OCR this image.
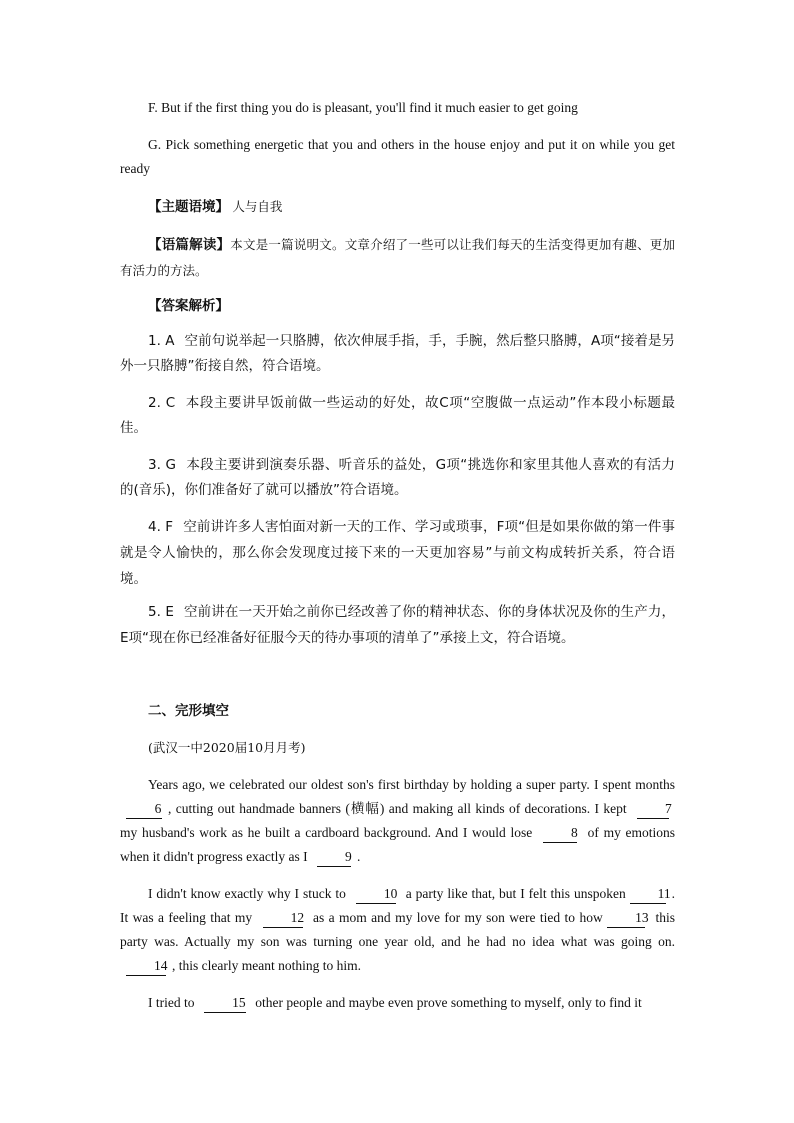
F. But if the first thing you do is pleasant, you'll find it much easier to get going
G. Pick something energetic that you and others in the house enjoy and put it on while you get ready
【主题语境】 人与自我
【语篇解读】本文是一篇说明文。文章介绍了一些可以让我们每天的生活变得更加有趣、更加有活力的方法。
【答案解析】
1. A 空前句说举起一只胳膊，依次伸展手指，手，手腕，然后整只胳膊，A项“接着是另外一只胳膊”衔接自然，符合语境。
2. C 本段主要讲早饭前做一些运动的好处，故C项“空腹做一点运动”作本段小标题最佳。
3. G 本段主要讲到演奏乐器、听音乐的益处，G项“挑选你和家里其他人喜欢的有活力的(音乐)，你们准备好了就可以播放”符合语境。
4. F 空前讲许多人害怕面对新一天的工作、学习或琐事，F项“但是如果你做的第一件事就是令人愉快的，那么你会发现度过接下来的一天更加容易”与前文构成转折关系，符合语境。
5. E 空前讲在一天开始之前你已经改善了你的精神状态、你的身体状况及你的生产力，E项“现在你已经准备好征服今天的待办事项的清单了”承接上文，符合语境。
二、完形填空
(武汉一中2020届10月月考)
Years ago, we celebrated our oldest son's first birthday by holding a super party. I spent months 6 , cutting out handmade banners (横幅) and making all kinds of decorations. I kept	7 my husband's work as he built a cardboard background. And I would lose	8 of my emotions when it didn't progress exactly as I	9 .
I didn't know exactly why I stuck to	10 a party like that, but I felt this unspoken 11. It was a feeling that my	12 as a mom and my love for my son were tied to how 13 this party was. Actually my son was turning one year old, and he had no idea what was going on. 14 , this clearly meant nothing to him.
I tried to	15 other people and maybe even prove something to myself, only to find it
